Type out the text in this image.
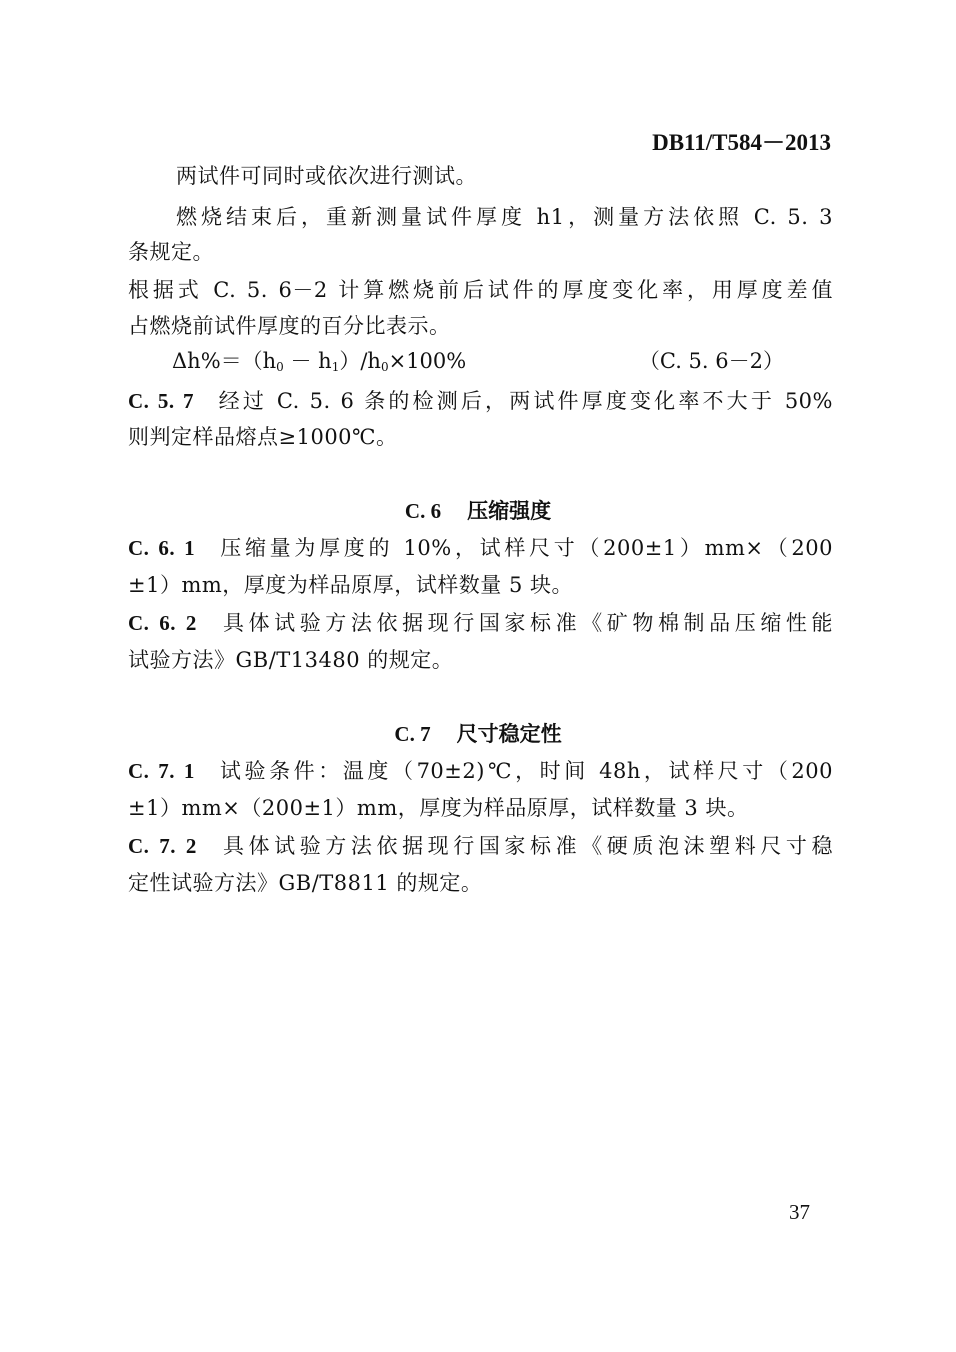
DB11/T584－2013
两试件可同时或依次进行测试。
燃烧结束后，重新测量试件厚度 h1，测量方法依照 C. 5. 3
条规定。
根据式 C. 5. 6－2 计算燃烧前后试件的厚度变化率，用厚度差值
占燃烧前试件厚度的百分比表示。
$\Delta h\%=(h_0 - h_1)/h_0\times 100\%$	（C. 5. 6－2）
C. 5. 7 经过 C. 5. 6 条的检测后，两试件厚度变化率不大于 50%
则判定样品熔点≥1000℃。
C. 6 压缩强度
C. 6. 1 压缩量为厚度的 10%，试样尺寸（200±1）mm×（200
±1）mm，厚度为样品原厚，试样数量 5 块。
C. 6. 2 具体试验方法依据现行国家标准《矿物棉制品压缩性能
试验方法》GB/T13480 的规定。
C. 7 尺寸稳定性
C. 7. 1 试验条件：温度（70±2)℃，时间 48h，试样尺寸（200
±1）mm×（200±1）mm，厚度为样品原厚，试样数量 3 块。
C. 7. 2 具体试验方法依据现行国家标准《硬质泡沫塑料尺寸稳
定性试验方法》GB/T8811 的规定。
37
